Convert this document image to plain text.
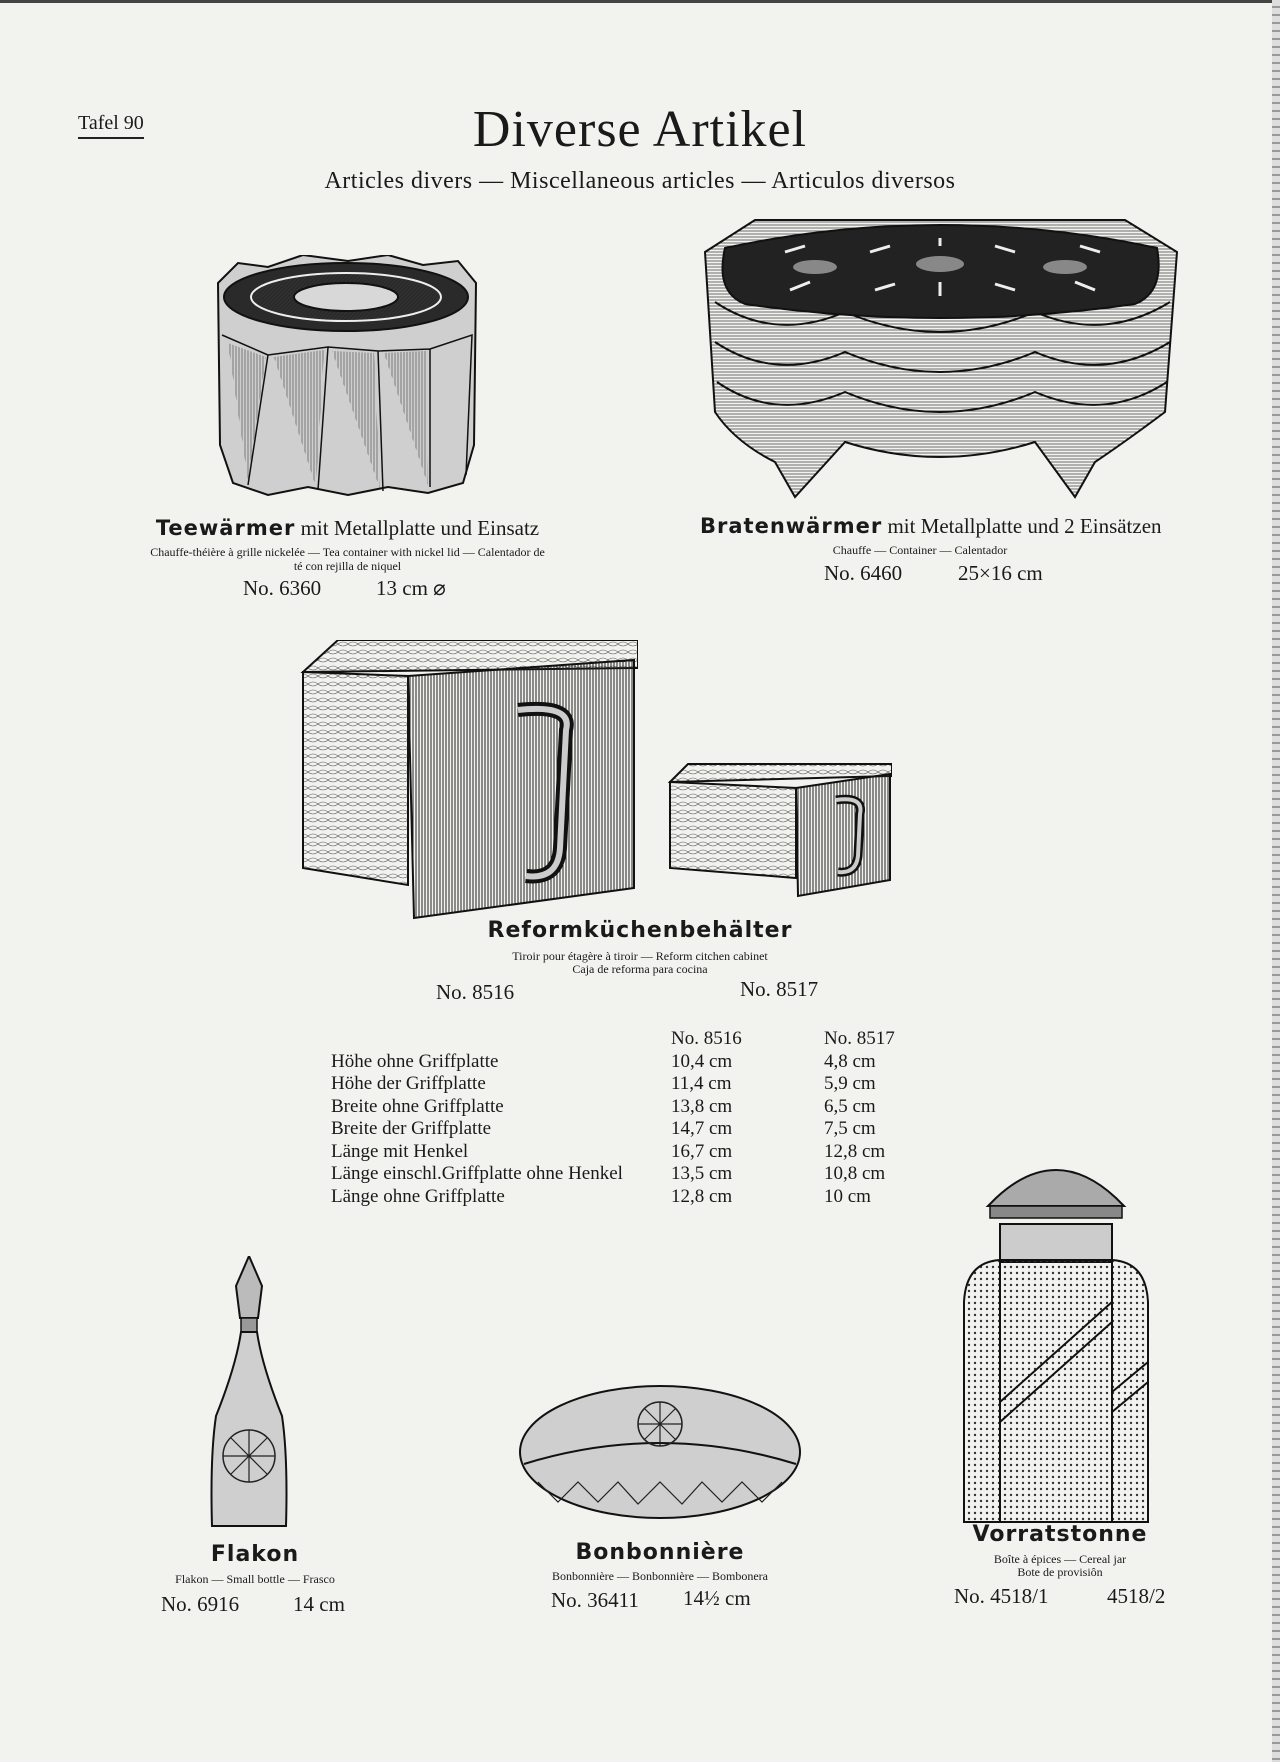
Tafel 90	Diverse Artikel
Articles divers — Miscellaneous articles — Articulos diversos
Teewärmer mit Metallplatte und Einsatz
Chauffe-théière à grille nickelée — Tea container with nickel lid — Calentador de
té con rejilla de niquel
No. 6360	13 cm ⌀
Bratenwärmer mit Metallplatte und 2 Einsätzen
Chauffe — Container — Calentador
No. 6460	25×16 cm
Reformküchenbehälter
Tiroir pour étagère à tiroir — Reform citchen cabinet
Caja de reforma para cocina
No. 8516	No. 8517
	No. 8516	No. 8517
Höhe ohne Griffplatte	10,4 cm	4,8 cm
Höhe der Griffplatte	11,4 cm	5,9 cm
Breite ohne Griffplatte	13,8 cm	6,5 cm
Breite der Griffplatte	14,7 cm	7,5 cm
Länge mit Henkel	16,7 cm	12,8 cm
Länge einschl.Griffplatte ohne Henkel	13,5 cm	10,8 cm
Länge ohne Griffplatte	12,8 cm	10 cm
Flakon
Flakon — Small bottle — Frasco
No. 6916	14 cm
Bonbonnière
Bonbonnière — Bonbonnière — Bombonera
No. 36411 14½ cm
Vorratstonne
Boîte à épices — Cereal jar
Bote de provisiôn
No. 4518/1	4518/2
